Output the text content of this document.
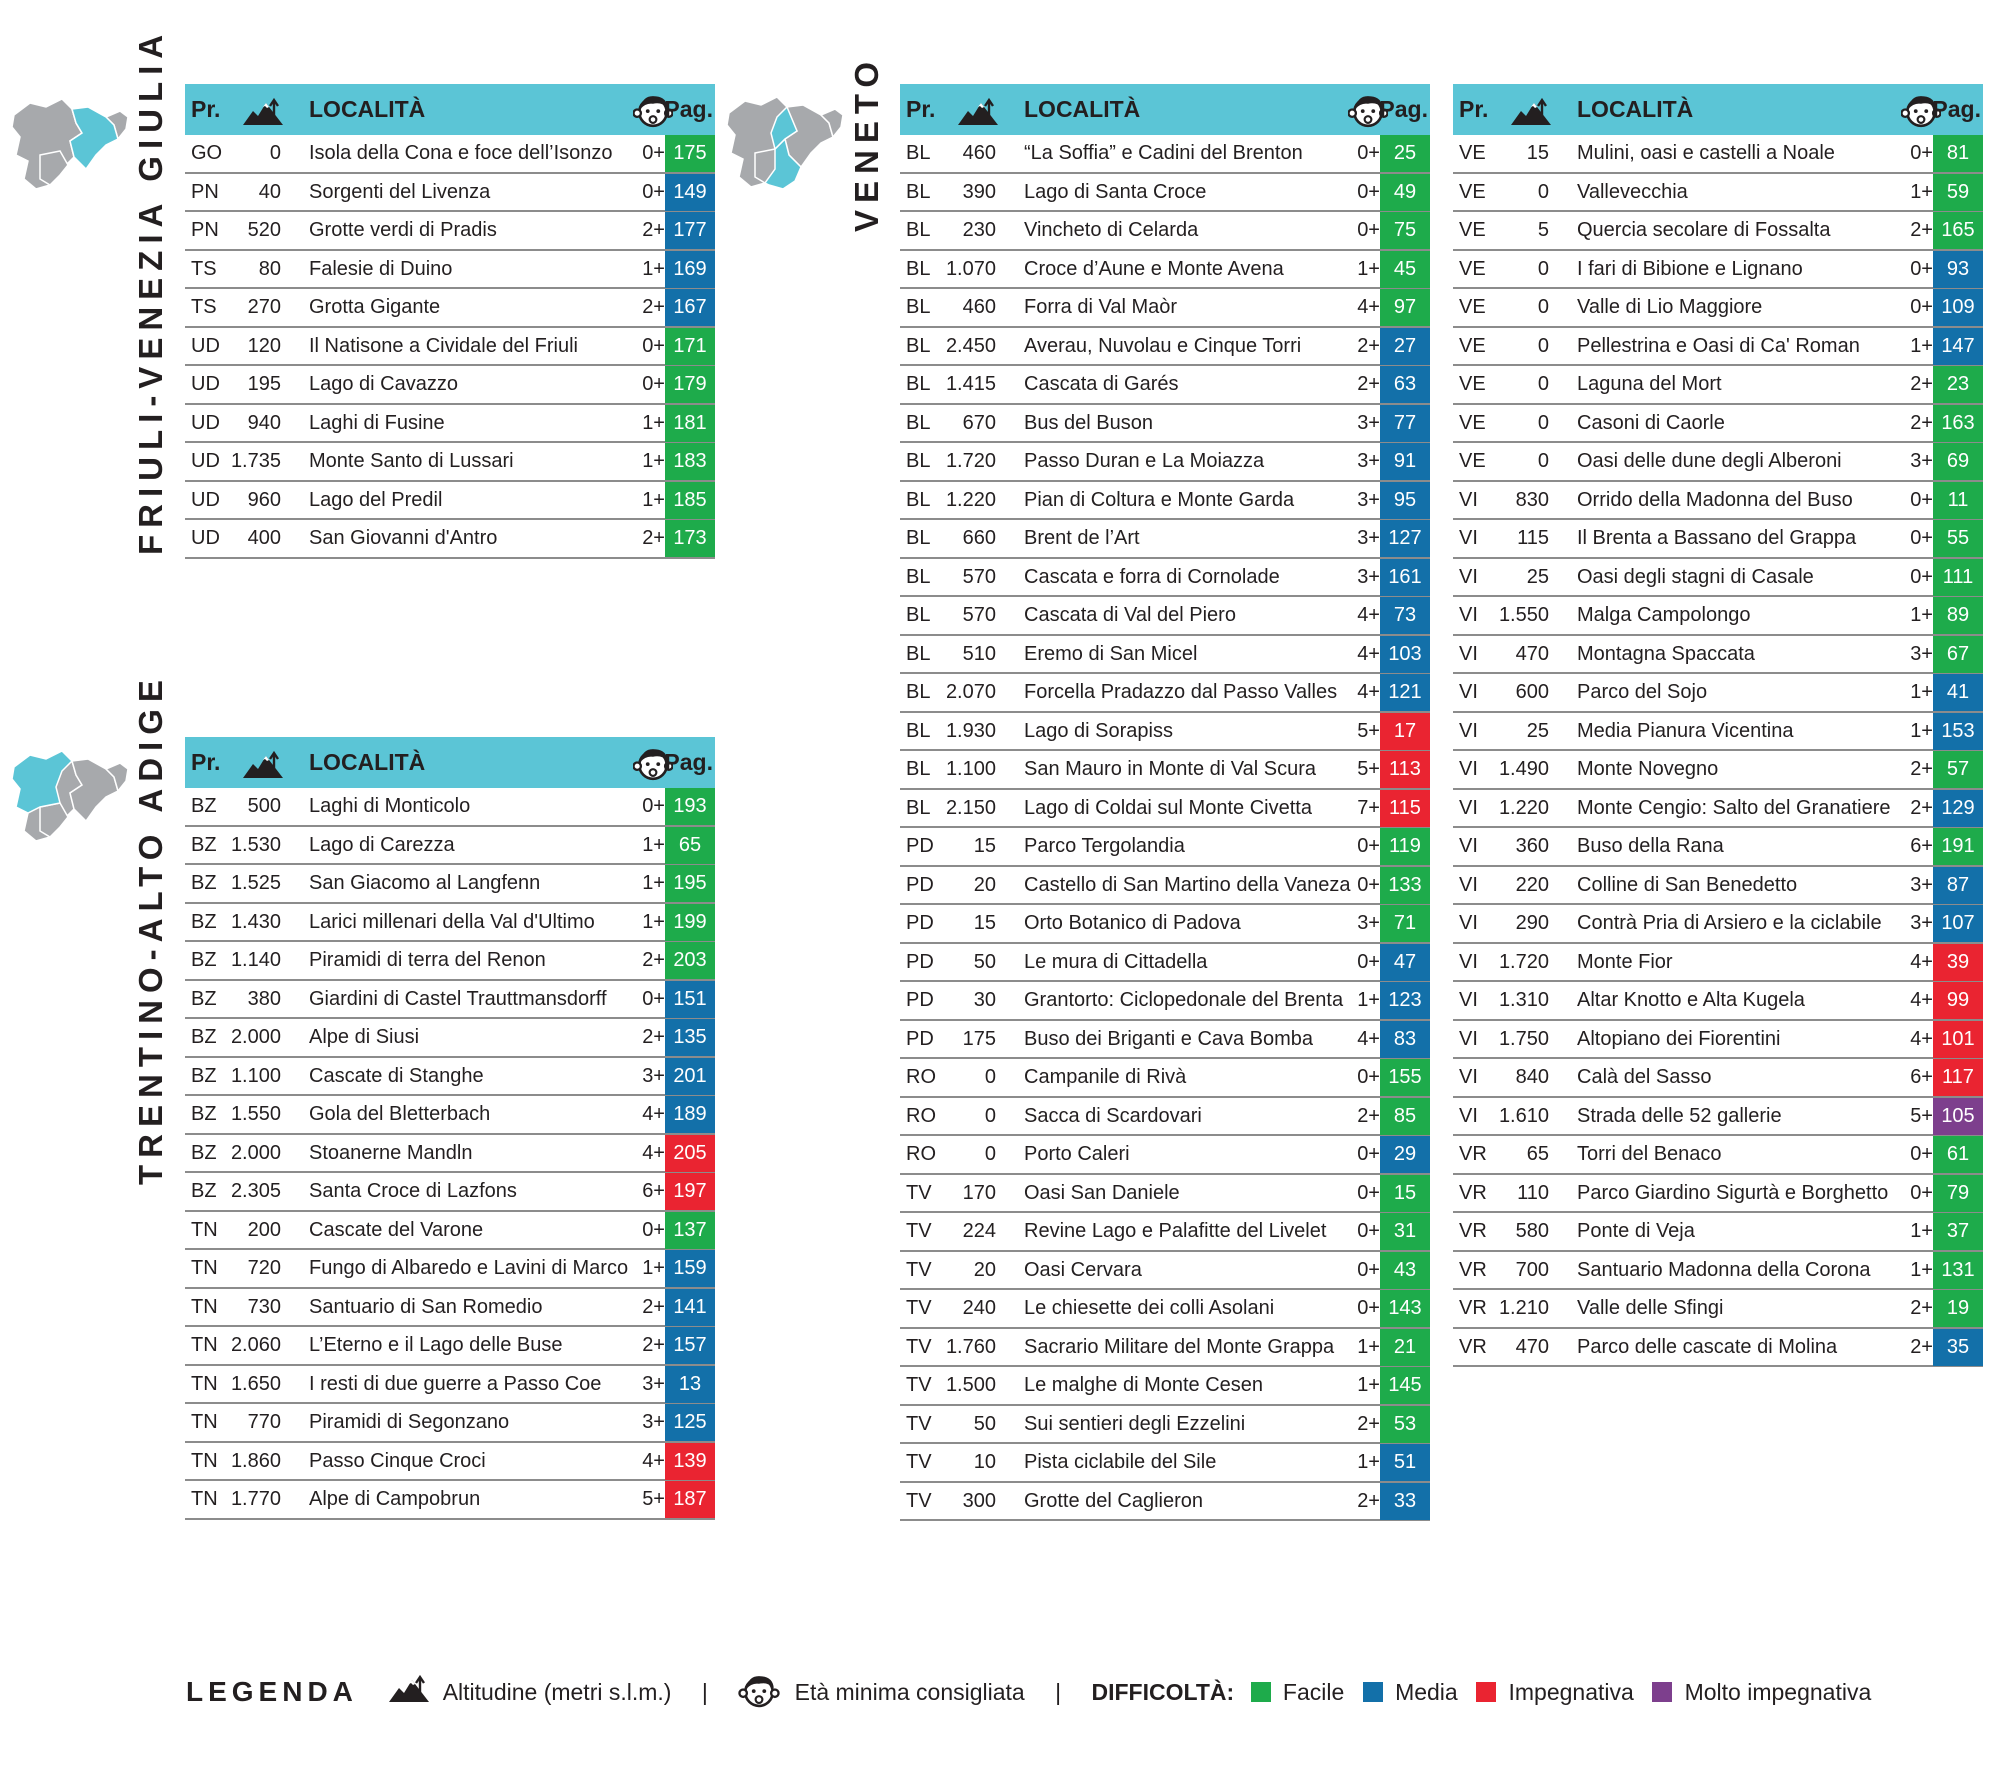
FRIULI-VENEZIA GIULIA
TRENTINO-ALTO ADIGE
VENETO
Pr.	LOCALITÀ	Pag.
GO	0 Isola della Cona e foce dell’Isonzo 0+ 175
PN	40 Sorgenti del Livenza	0+ 149
PN	520 Grotte verdi di Pradis	2+ 177
TS	80 Falesie di Duino	1+ 169
TS	270 Grotta Gigante	2+ 167
UD	120 Il Natisone a Cividale del Friuli	0+ 171
UD	195 Lago di Cavazzo	0+ 179
UD	940 Laghi di Fusine	1+ 181
UD 1.735 Monte Santo di Lussari	1+ 183
UD	960 Lago del Predil	1+ 185
UD	400 San Giovanni d'Antro	2+ 173
Pr.	LOCALITÀ	Pag.
BZ	500 Laghi di Monticolo	0+ 193
BZ 1.530 Lago di Carezza	1+ 65
BZ 1.525 San Giacomo al Langfenn	1+ 195
BZ 1.430 Larici millenari della Val d'Ultimo 1+ 199
BZ 1.140 Piramidi di terra del Renon	2+ 203
BZ	380 Giardini di Castel Trauttmansdorff 0+ 151
BZ 2.000 Alpe di Siusi	2+ 135
BZ 1.100 Cascate di Stanghe	3+ 201
BZ 1.550 Gola del Bletterbach	4+ 189
BZ 2.000 Stoanerne Mandln	4+ 205
BZ 2.305 Santa Croce di Lazfons	6+ 197
TN	200 Cascate del Varone	0+ 137
TN	720 Fungo di Albaredo e Lavini di Marco 1+ 159
TN	730 Santuario di San Romedio	2+ 141
TN 2.060 L’Eterno e il Lago delle Buse	2+ 157
TN 1.650 I resti di due guerre a Passo Coe 3+ 13
TN	770 Piramidi di Segonzano	3+ 125
TN 1.860 Passo Cinque Croci	4+ 139
TN 1.770 Alpe di Campobrun	5+ 187
Pr.	LOCALITÀ	Pag.
BL	460 “La Soffia” e Cadini del Brenton	0+ 25
BL	390 Lago di Santa Croce	0+ 49
BL	230 Vincheto di Celarda	0+ 75
BL 1.070 Croce d’Aune e Monte Avena	1+ 45
BL	460 Forra di Val Maòr	4+ 97
BL 2.450 Averau, Nuvolau e Cinque Torri	2+ 27
BL 1.415 Cascata di Garés	2+ 63
BL	670 Bus del Buson	3+ 77
BL 1.720 Passo Duran e La Moiazza	3+ 91
BL 1.220 Pian di Coltura e Monte Garda	3+ 95
BL	660 Brent de l’Art	3+ 127
BL	570 Cascata e forra di Cornolade	3+ 161
BL	570 Cascata di Val del Piero	4+ 73
BL	510 Eremo di San Micel	4+ 103
BL 2.070 Forcella Pradazzo dal Passo Valles 4+ 121
BL 1.930 Lago di Sorapiss	5+ 17
BL 1.100 San Mauro in Monte di Val Scura 5+ 113
BL 2.150 Lago di Coldai sul Monte Civetta 7+ 115
PD	15 Parco Tergolandia	0+ 119
PD	20 Castello di San Martino della Vaneza 0+ 133
PD	15 Orto Botanico di Padova	3+ 71
PD	50 Le mura di Cittadella	0+ 47
PD	30 Grantorto: Ciclopedonale del Brenta 1+ 123
PD	175 Buso dei Briganti e Cava Bomba 4+ 83
RO	0 Campanile di Rivà	0+ 155
RO	0 Sacca di Scardovari	2+ 85
RO	0 Porto Caleri	0+ 29
TV	170 Oasi San Daniele	0+ 15
TV	224 Revine Lago e Palafitte del Livelet 0+ 31
TV	20 Oasi Cervara	0+ 43
TV	240 Le chiesette dei colli Asolani	0+ 143
TV 1.760 Sacrario Militare del Monte Grappa 1+ 21
TV 1.500 Le malghe di Monte Cesen	1+ 145
TV	50 Sui sentieri degli Ezzelini	2+ 53
TV	10 Pista ciclabile del Sile	1+ 51
TV	300 Grotte del Caglieron	2+ 33
Pr.	LOCALITÀ	Pag.
VE	15 Mulini, oasi e castelli a Noale	0+ 81
VE	0 Vallevecchia	1+ 59
VE	5 Quercia secolare di Fossalta	2+ 165
VE	0 I fari di Bibione e Lignano	0+ 93
VE	0 Valle di Lio Maggiore	0+ 109
VE	0 Pellestrina e Oasi di Ca' Roman	1+ 147
VE	0 Laguna del Mort	2+ 23
VE	0 Casoni di Caorle	2+ 163
VE	0 Oasi delle dune degli Alberoni	3+ 69
VI	830 Orrido della Madonna del Buso	0+ 11
VI	115 Il Brenta a Bassano del Grappa	0+ 55
VI	25 Oasi degli stagni di Casale	0+ 111
VI	1.550 Malga Campolongo	1+ 89
VI	470 Montagna Spaccata	3+ 67
VI	600 Parco del Sojo	1+ 41
VI	25 Media Pianura Vicentina	1+ 153
VI	1.490 Monte Novegno	2+ 57
VI	1.220 Monte Cengio: Salto del Granatiere 2+ 129
VI	360 Buso della Rana	6+ 191
VI	220 Colline di San Benedetto	3+ 87
VI	290 Contrà Pria di Arsiero e la ciclabile 3+ 107
VI	1.720 Monte Fior	4+ 39
VI	1.310 Altar Knotto e Alta Kugela	4+ 99
VI	1.750 Altopiano dei Fiorentini	4+ 101
VI	840 Calà del Sasso	6+ 117
VI	1.610 Strada delle 52 gallerie	5+ 105
VR	65 Torri del Benaco	0+ 61
VR	110 Parco Giardino Sigurtà e Borghetto 0+ 79
VR	580 Ponte di Veja	1+ 37
VR	700 Santuario Madonna della Corona 1+ 131
VR 1.210 Valle delle Sfingi	2+ 19
VR	470 Parco delle cascate di Molina	2+ 35
LEGENDA	Altitudine (metri s.l.m.) |	Età minima consigliata | DIFFICOLTÀ: Facile Media Impegnativa Molto impegnativa
